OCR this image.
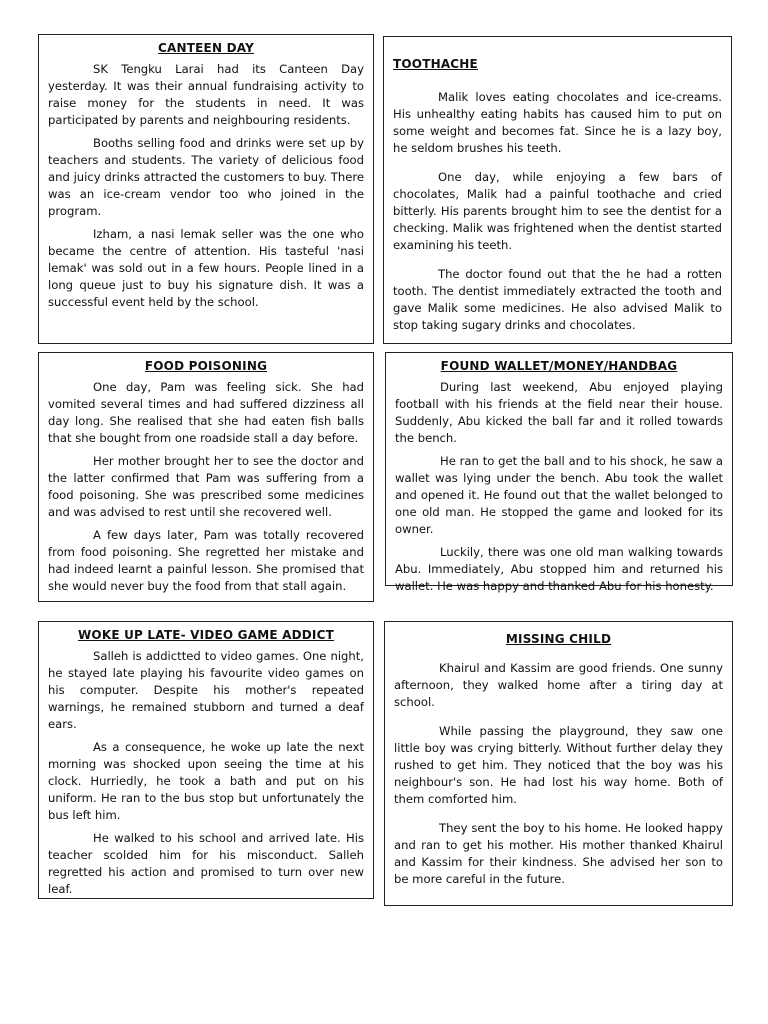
CANTEEN DAY

SK Tengku Larai had its Canteen Day yesterday. It was their annual fundraising activity to raise money for the students in need. It was participated by parents and neighbouring residents.

Booths selling food and drinks were set up by teachers and students. The variety of delicious food and juicy drinks attracted the customers to buy. There was an ice-cream vendor too who joined in the program.

Izham, a nasi lemak seller was the one who became the centre of attention. His tasteful 'nasi lemak' was sold out in a few hours. People lined in a long queue just to buy his signature dish. It was a successful event held by the school.

TOOTHACHE

Malik loves eating chocolates and ice-creams. His unhealthy eating habits has caused him to put on some weight and becomes fat. Since he is a lazy boy, he seldom brushes his teeth.

One day, while enjoying a few bars of chocolates, Malik had a painful toothache and cried bitterly. His parents brought him to see the dentist for a checking. Malik was frightened when the dentist started examining his teeth.

The doctor found out that the he had a rotten tooth. The dentist immediately extracted the tooth and gave Malik some medicines. He also advised Malik to stop taking sugary drinks and chocolates.

FOOD POISONING

One day, Pam was feeling sick. She had vomited several times and had suffered dizziness all day long. She realised that she had eaten fish balls that she bought from one roadside stall a day before.

Her mother brought her to see the doctor and the latter confirmed that Pam was suffering from a food poisoning. She was prescribed some medicines and was advised to rest until she recovered well.

A few days later, Pam was totally recovered from food poisoning. She regretted her mistake and had indeed learnt a painful lesson. She promised that she would never buy the food from that stall again.

FOUND WALLET/MONEY/HANDBAG

During last weekend, Abu enjoyed playing football with his friends at the field near their house. Suddenly, Abu kicked the ball far and it rolled towards the bench.

He ran to get the ball and to his shock, he saw a wallet was lying under the bench. Abu took the wallet and opened it. He found out that the wallet belonged to one old man. He stopped the game and looked for its owner.

Luckily, there was one old man walking towards Abu. Immediately, Abu stopped him and returned his wallet. He was happy and thanked Abu for his honesty.

WOKE UP LATE- VIDEO GAME ADDICT

Salleh is addictted to video games. One night, he stayed late playing his favourite video games on his computer. Despite his mother's repeated warnings, he remained stubborn and turned a deaf ears.

As a consequence, he woke up late the next morning was shocked upon seeing the time at his clock. Hurriedly, he took a bath and put on his uniform. He ran to the bus stop but unfortunately the bus left him.

He walked to his school and arrived late. His teacher scolded him for his misconduct. Salleh regretted his action and promised to turn over new leaf.

MISSING CHILD

Khairul and Kassim are good friends. One sunny afternoon, they walked home after a tiring day at school.

While passing the playground, they saw one little boy was crying bitterly. Without further delay they rushed to get him. They noticed that the boy was his neighbour's son. He had lost his way home. Both of them comforted him.

They sent the boy to his home. He looked happy and ran to get his mother. His mother thanked Khairul and Kassim for their kindness. She advised her son to be more careful in the future.
